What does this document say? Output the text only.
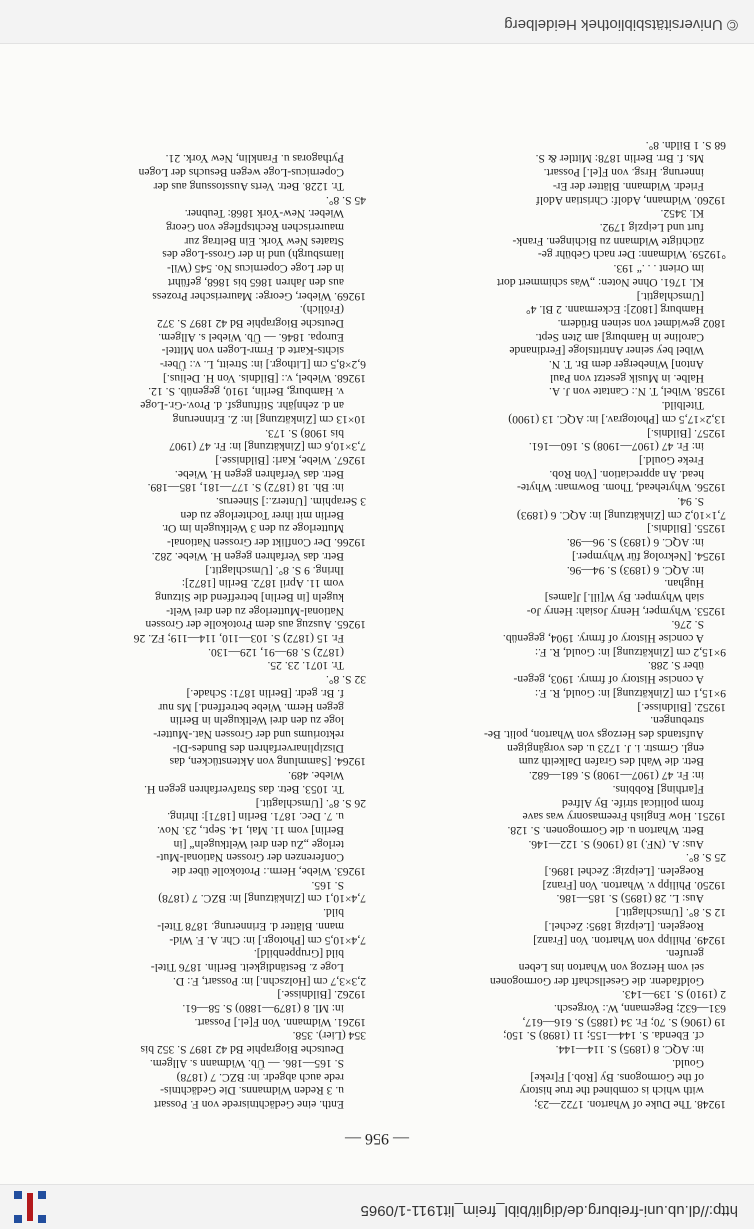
http://dl.ub.uni-freiburg.de/diglit/bibl_freim_lit1911-1/0965
— 956 —
19248. The Duke of Wharton. 1722—23;
with which is combined the true history
of the Gormogons. By [Rob.] F[reke]
Gould.
in: AQC. 8 (1895) S. 114—144.
cf. Ebenda. S. 144—155; 11 (1898) S. 150;
19 (1906) S. 70; Fr. 34 (1885) S. 616—617,
631—632; Begemann, W.: Vorgesch.
2 (1910) S. 139—143.
Goldfadenr. die Gesellschaft der Gormogonen
sei vom Herzog von Wharton ins Leben
gerufen.
19249. Philipp von Wharton. Von [Franz]
Roegelen. [Leipzig 1895: Zechel.]
12 S. 8°. [Umschlagtit.]
Aus: L. 28 (1895) S. 185—186.
19250. Philipp v. Wharton. Von [Franz]
Roegelen. [Leipzig: Zechel 1896.]
25 S. 8°.
Aus: A. (NF.) 18 (1906) S. 122—146.
Betr. Wharton u. die Gormogonen. S. 128.
19251. How English Freemasonry was save
from political strife. By Alfred
F[arthing] Robbins.
in: Fr. 47 (1907—1908) S. 681—682.
Betr. die Wahl des Grafen Dalkeith zum
engl. Grmstr. i. J. 1723 u. des vorgängigen
Aufstands des Herzogs von Wharton, polit. Be-
strebungen.
19252. [Bildnisse.]
9×15,1 cm [Zinkätzung] in: Gould, R. F.:
A concise History of frmry. 1903, gegen-
über S. 288.
9×15,2 cm [Zinkätzung] in: Gould, R. F.:
A concise History of frmry. 1904, gegenüb.
S. 276.
19253. Whymper, Henry Josiah: Henry Jo-
siah Whymper. By W[ill.] J[ames]
Hughan.
in: AQC. 6 (1893) S. 94—96.
19254. [Nekrolog für Whymper.]
in: AQC. 6 (1893) S. 96—98.
19255. [Bildnis.]
7,1×10,2 cm [Zinkätzung] in: AQC. 6 (1893)
S. 94.
19256. Whytehead, Thom. Bowman: Whyte-
head. An appreciation. [Von Rob.
Freke Gould.]
in: Fr. 47 (1907—1908) S. 160—161.
19257. [Bildnis.]
13,2×17,5 cm [Photograv.] in: AQC. 13 (1900)
Titelbild.
19258. Wibel, T. N.: Cantate von J. A.
Halbe. in Musik gesetzt von Paul
Anton] Wineberger dem Br. T. N.
Wibel bey seiner Antrittsloge [Ferdinande
Caroline in Hamburg] am 2ten Sept.
1802 gewidmet von seinen Brüdern.
Hamburg [1802]: Eckermann. 2 Bl. 4°
[Umschlagtit.]
Kl. 1761. Ohne Noten: „Was schimmert dort
im Orient . . .“ 193.
°19259. Widmann: Der nach Gebühr ge-
züchtigte Widmann zu Bichingen. Frank-
furt und Leipzig 1792.
Kl. 3452.
19260. Widmann, Adolf: Christian Adolf
Friedr. Widmann. Blätter der Er-
innerung. Hrsg. von F[el.] Possart.
Ms. f. Brr. Berlin 1878: Mittler & S.
68 S. 1 Bildn. 8°.
Enth. eine Gedächtnisrede von F. Possart
u. 3 Reden Widmanns. Die Gedächtnis-
rede auch abgedr. in: BZC. 7 (1878)
S. 165—186. — Üb. Widmann s. Allgem.
Deutsche Biographie Bd 42 1897 S. 352 bis
354 (Lier). 358.
19261. Widmann. Von F[el.] Possart.
in: Ml. 8 (1879—1880) S. 58—61.
19262. [Bildnisse.]
2,3×3,7 cm [Holzschn.] in: Possart, F.: D.
Loge z. Beständigkeit. Berlin. 1876 Titel-
bild [Gruppenbild].
7,4×10,5 cm [Photogr.] in: Chr. A. F. Wid-
mann. Blätter d. Erinnerung. 1878 Titel-
bild.
7,4×10,1 cm [Zinkätzung] in: BZC. 7 (1878)
S. 165.
19263. Wiebe, Herm.: Protokolle über die
Conferenzen der Grossen National-Mut-
terloge „Zu den drei Weltkugeln“ [in
Berlin] vom 11. Mai, 14. Sept., 23. Nov.
u. 7. Dec. 1871. Berlin [1871]: Ihring.
26 S. 8°. [Umschlagtit.]
Tr. 1053. Betr. das Strafverfahren gegen H.
Wiebe. 489.
19264. [Sammlung von Aktenstücken, das
Disziplinarverfahren des Bundes-Di-
rektoriums und der Grossen Nat.-Mutter-
loge zu den drei Weltkugeln in Berlin
gegen Herm. Wiebe betreffend.] Ms nur
f. Br. gedr. [Berlin 1871: Schade.]
32 S. 8°.
Tr. 1071. 23. 25.
(1872) S. 89—91, 129—130.
Fr. 15 (1872) S. 103—110, 114—119; FZ. 26
19265. Auszug aus dem Protokolle der Grossen
National-Mutterloge zu den drei Welt-
kugeln [in Berlin] betreffend die Sitzung
vom 11. April 1872. Berlin [1872]:
Ihring. 9 S. 8°. [Umschlagtit.]
Betr. das Verfahren gegen H. Wiebe. 282.
19266. Der Conflikt der Grossen National-
Mutterloge zu den 3 Weltkugeln im Or.
Berlin mit ihrer Tochterloge zu den
3 Seraphim. [Unterz.:] Sineerus.
in: Bh. 18 (1872) S. 177—181, 185—189.
Betr. das Verfahren gegen H. Wiebe.
19267. Wiebe, Karl: [Bildnisse.]
7,3×10,6 cm [Zinkätzung] in: Fr. 47 (1907
bis 1908) S. 173.
10×13 cm [Zinkätzung] in: Z. Erinnerung
an d. zehnjähr. Stiftungsf. d. Prov.-Gr.-Loge
v. Hamburg, Berlin, 1910, gegenüb. S. 12.
19268. Wiebel, v.: [Bildnis. Von H. Delius.]
6,2×8,5 cm [Lithogr.] in: Streitt, L. v.: Über-
sichts-Karte d. Frmr-Logen von Mittel-
Europa. 1846. — Üb. Wiebel s. Allgem.
Deutsche Biographie Bd 42 1897 S. 372
(Frölich).
19269. Wieber, George: Maurerischer Prozess
aus den Jahren 1865 bis 1868, geführt
in der Loge Copernicus No. 545 (Wil-
liamsburgh) und in der Gross-Loge des
Staates New York. Ein Beitrag zur
maurerischen Rechtspflege von Georg
Wieber. New-York 1868: Teubner.
45 S. 8°.
Tr. 1228. Betr. Verts Ausstossung aus der
Copernicus-Loge wegen Besuchs der Logen
Pythagoras u. Franklin, New York. 21.
© Universitätsbibliothek Heidelberg
